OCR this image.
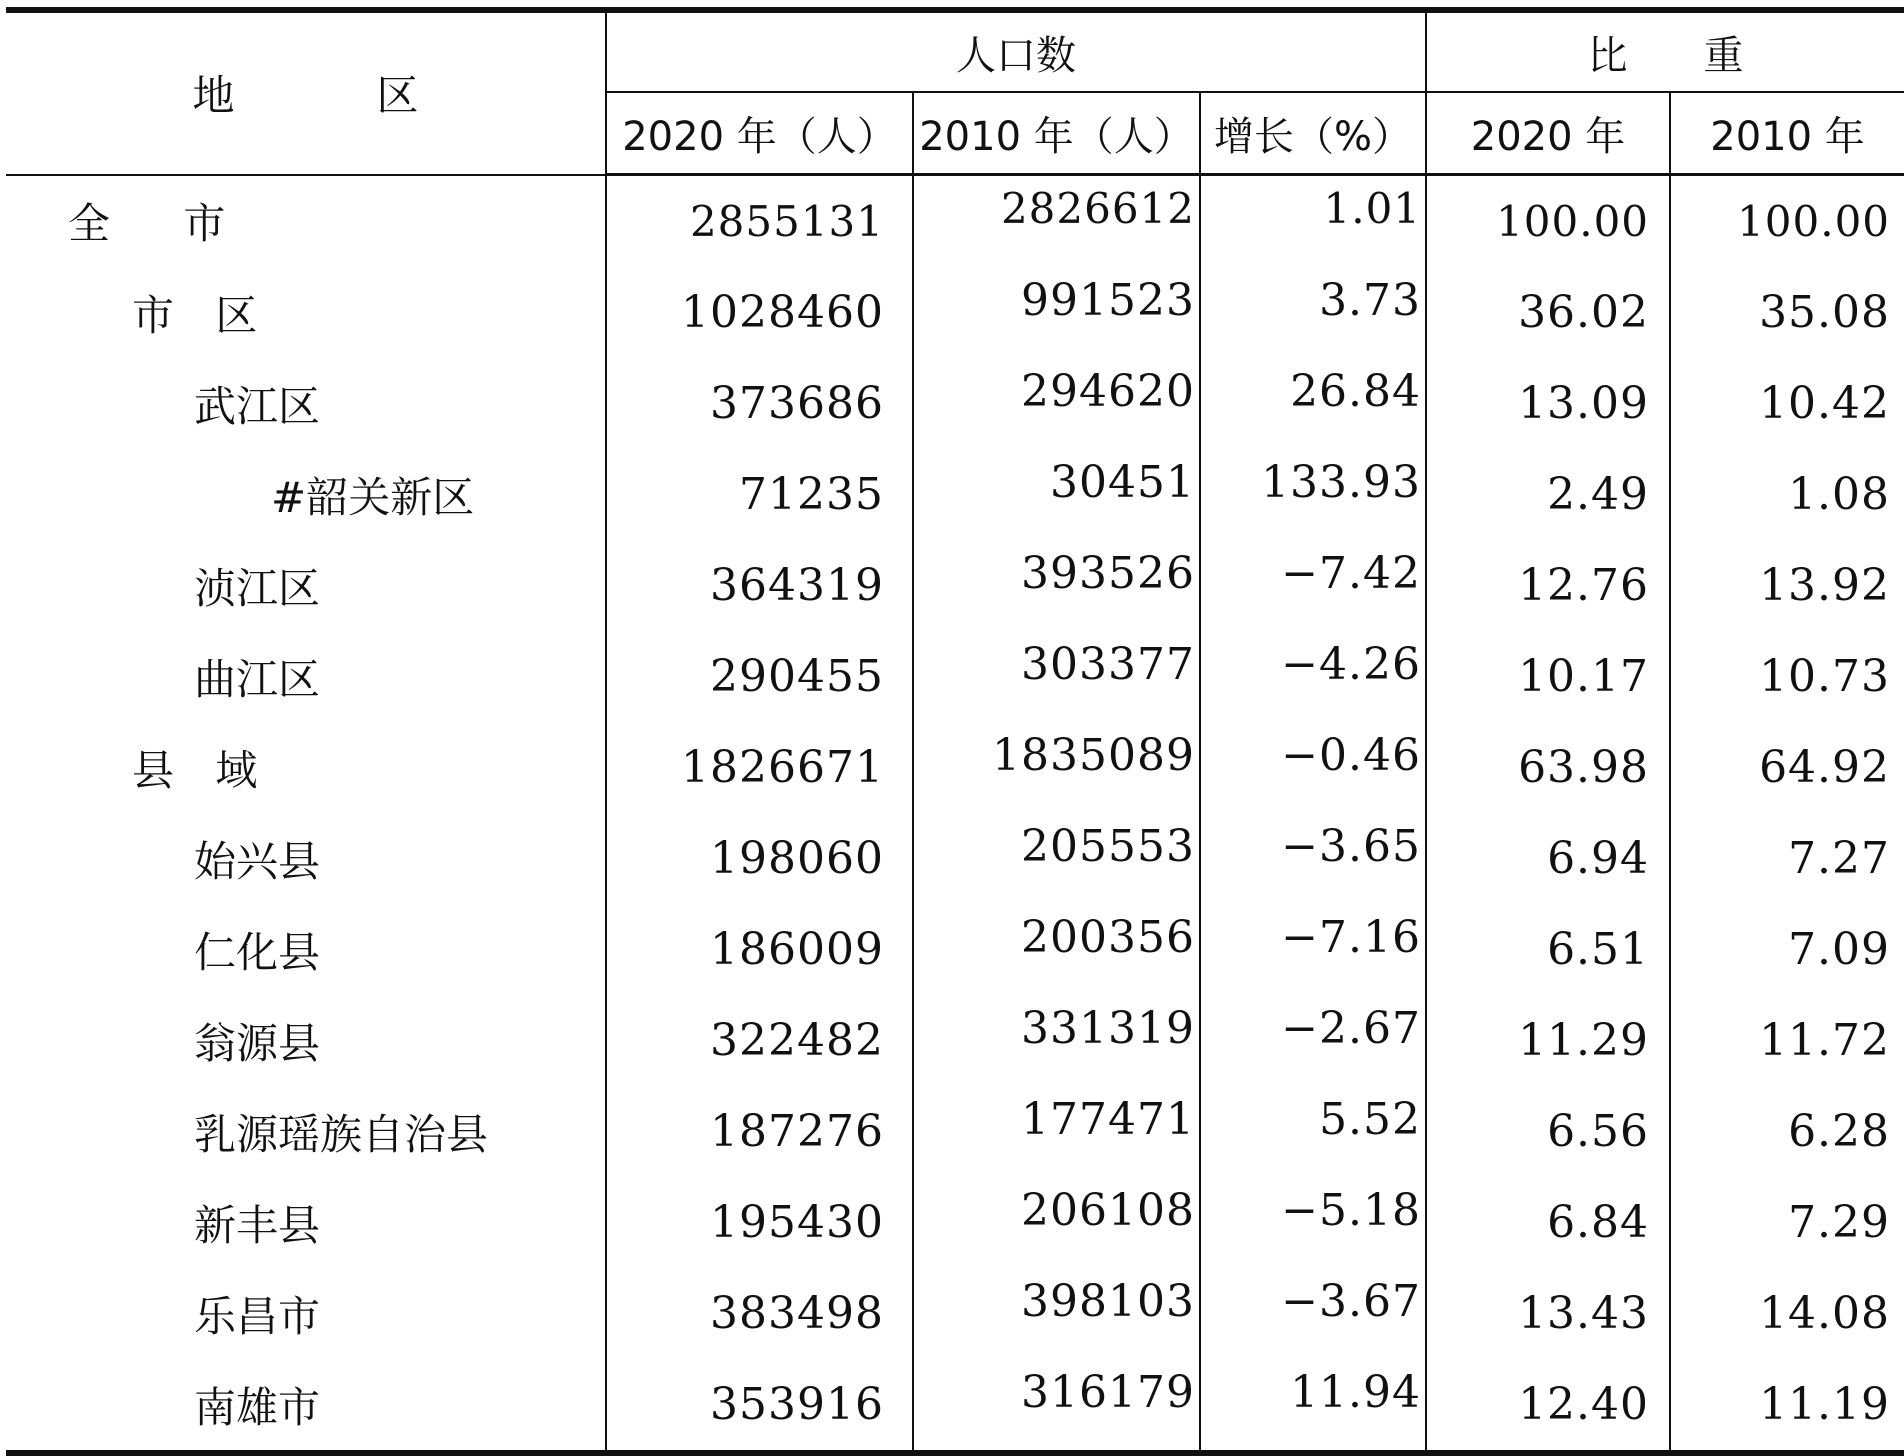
地　区	人口数			比　重	
	2020 年（人）	2010 年（人）	增长（%）	2020 年	2010 年
全 市	2855131	2826612	1.01	100.00	100.00
市 区	1028460	991523	3.73	36.02	35.08
武江区	373686	294620	26.84	13.09	10.42
#韶关新区	71235	30451	133.93	2.49	1.08
浈江区	364319	393526	−7.42	12.76	13.92
曲江区	290455	303377	−4.26	10.17	10.73
县 域	1826671	1835089	−0.46	63.98	64.92
始兴县	198060	205553	−3.65	6.94	7.27
仁化县	186009	200356	−7.16	6.51	7.09
翁源县	322482	331319	−2.67	11.29	11.72
乳源瑶族自治县	187276	177471	5.52	6.56	6.28
新丰县	195430	206108	−5.18	6.84	7.29
乐昌市	383498	398103	−3.67	13.43	14.08
南雄市	353916	316179	11.94	12.40	11.19
